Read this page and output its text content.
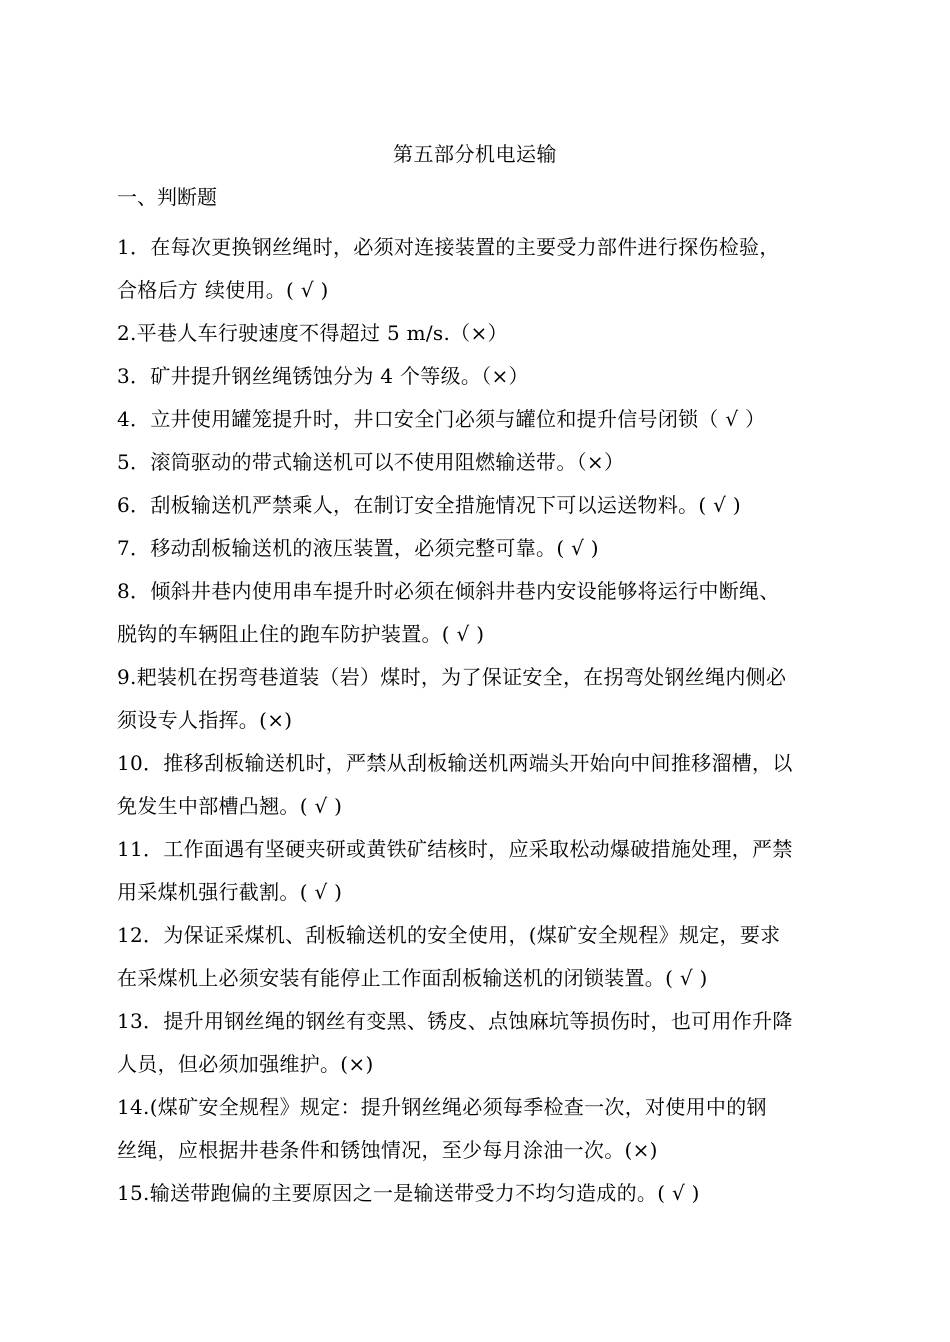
第五部分机电运输
一、判断题
1．在每次更换钢丝绳时，必须对连接装置的主要受力部件进行探伤检验，
合格后方 续使用。( √ )
2.平巷人车行驶速度不得超过 5 m/s.（×）
3．矿井提升钢丝绳锈蚀分为 4 个等级。（×）
4．立井使用罐笼提升时，井口安全门必须与罐位和提升信号闭锁（ √ ）
5．滚筒驱动的带式输送机可以不使用阻燃输送带。（×）
6．刮板输送机严禁乘人，在制订安全措施情况下可以运送物料。( √ )
7．移动刮板输送机的液压装置，必须完整可靠。( √ )
8．倾斜井巷内使用串车提升时必须在倾斜井巷内安设能够将运行中断绳、
脱钩的车辆阻止住的跑车防护装置。( √ )
9.耙装机在拐弯巷道装（岩）煤时，为了保证安全，在拐弯处钢丝绳内侧必
须设专人指挥。(×)
10．推移刮板输送机时，严禁从刮板输送机两端头开始向中间推移溜槽，以
免发生中部槽凸翘。( √ )
11．工作面遇有坚硬夹研或黄铁矿结核时，应采取松动爆破措施处理，严禁
用采煤机强行截割。( √ )
12．为保证采煤机、刮板输送机的安全使用，(煤矿安全规程》规定，要求
在采煤机上必须安装有能停止工作面刮板输送机的闭锁装置。( √ )
13．提升用钢丝绳的钢丝有变黑、锈皮、点蚀麻坑等损伤时，也可用作升降
人员，但必须加强维护。(×)
14.(煤矿安全规程》规定：提升钢丝绳必须每季检查一次，对使用中的钢
丝绳，应根据井巷条件和锈蚀情况，至少每月涂油一次。(×)
15.输送带跑偏的主要原因之一是输送带受力不均匀造成的。( √ )
